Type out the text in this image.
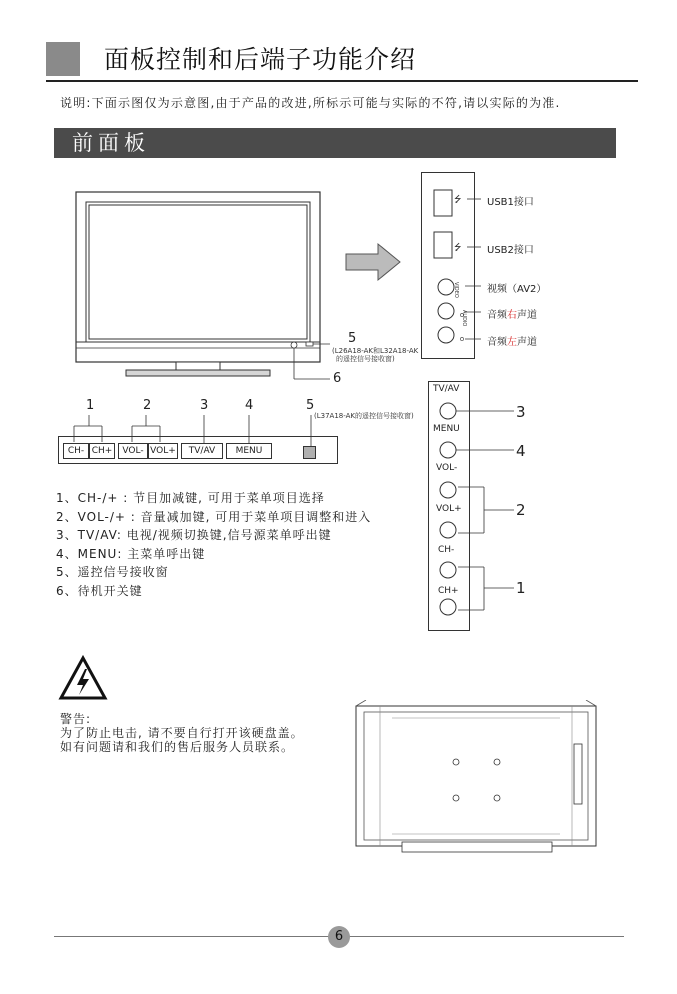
面板控制和后端子功能介绍
说明:下面示图仅为示意图,由于产品的改进,所标示可能与实际的不符,请以实际的为准.
前面板
5
(L26A18-AK和L32A18-AK
的遥控信号接收窗)
6
⭍
⭍
VIDEO
AUDIO
USB1接口
USB2接口
视频（AV2）
音频右声道
音频左声道
1	2	3	4	5
(L37A18-AK的遥控信号接收窗)
CH- CH+	VOL- VOL+	TV/AV	MENU
TV/AV
MENU
VOL-
VOL+
CH-
CH+
3
4
2
1
1、CH-/+ : 节目加减键, 可用于菜单项目选择
2、VOL-/+ : 音量减加键, 可用于菜单项目调整和进入
3、TV/AV: 电视/视频切换键,信号源菜单呼出键
4、MENU: 主菜单呼出键
5、遥控信号接收窗
6、待机开关键
警告:
为了防止电击, 请不要自行打开该硬盘盖。
如有问题请和我们的售后服务人员联系。
6
